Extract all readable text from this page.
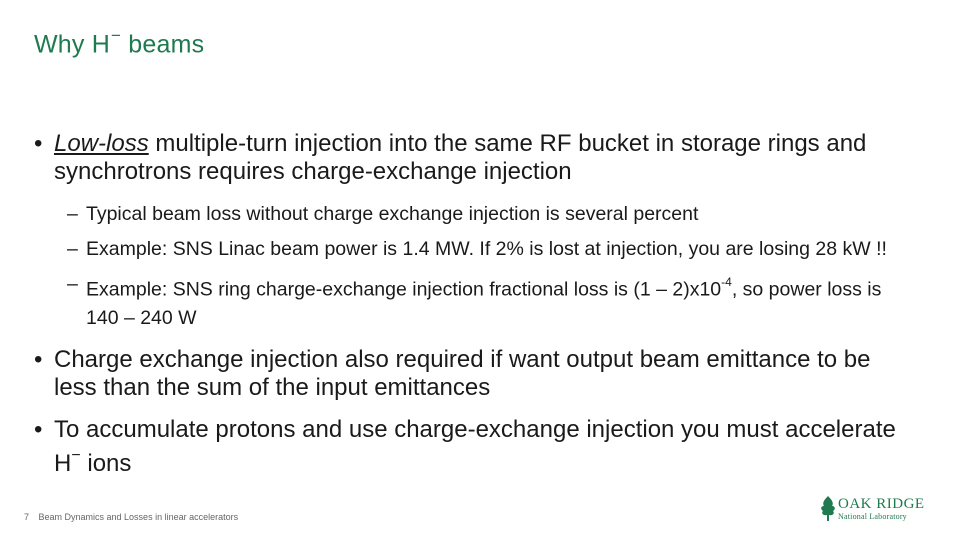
Why H− beams
• Low-loss multiple-turn injection into the same RF bucket in storage rings and synchrotrons requires charge-exchange injection
– Typical beam loss without charge exchange injection is several percent
– Example: SNS Linac beam power is 1.4 MW. If 2% is lost at injection, you are losing 28 kW !!
– Example: SNS ring charge-exchange injection fractional loss is $(1 - 2)x10^{-4}$, so power loss is 140 – 240 W
• Charge exchange injection also required if want output beam emittance to be less than the sum of the input emittances
• To accumulate protons and use charge-exchange injection you must accelerate H− ions
7 Beam Dynamics and Losses in linear accelerators
OAK RIDGE
National Laboratory
